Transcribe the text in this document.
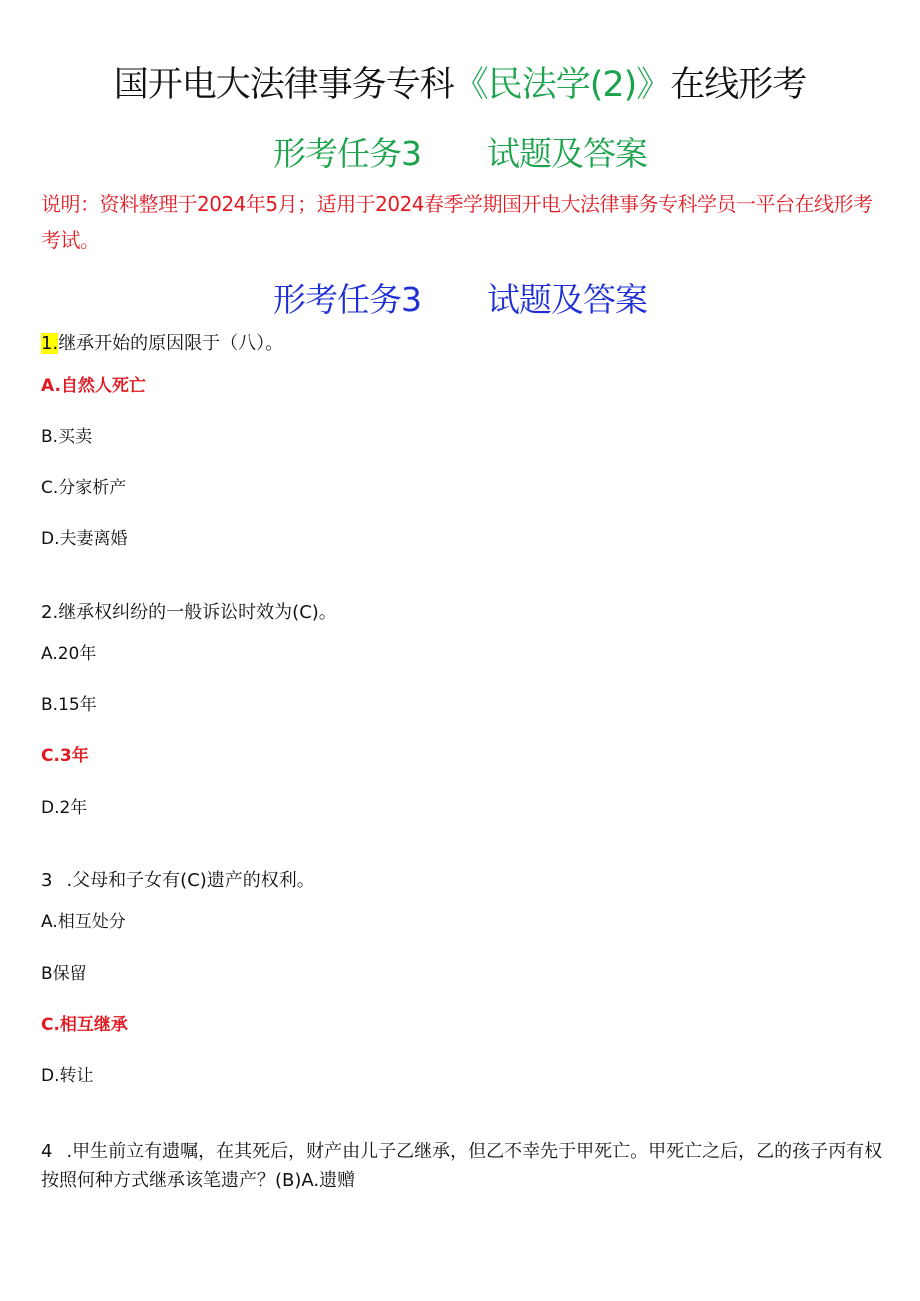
国开电大法律事务专科《民法学(2)》在线形考
形考任务3 试题及答案
说明：资料整理于2024年5月；适用于2024春季学期国开电大法律事务专科学员一平台在线形考考试。
形考任务3 试题及答案
1.继承开始的原因限于（八）。
A.自然人死亡
B.买卖
C.分家析产
D.夫妻离婚
2.继承权纠纷的一般诉讼时效为(C)。
A.20年
B.15年
C.3年
D.2年
3 .父母和子女有(C)遗产的权利。
A.相互处分
B保留
C.相互继承
D.转让
4 .甲生前立有遗嘱，在其死后，财产由儿子乙继承，但乙不幸先于甲死亡。甲死亡之后，乙的孩子丙有权按照何种方式继承该笔遗产？(B)A.遗赠
